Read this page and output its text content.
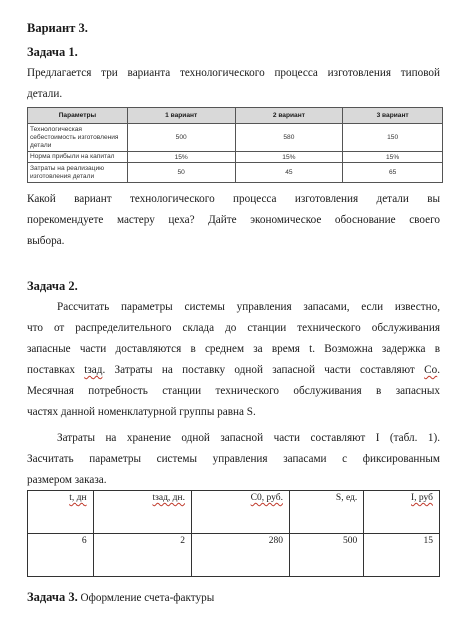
Вариант 3.
Задача 1.
Предлагается три варианта технологического процесса изготовления типовой
детали.
Параметры	1 вариант	2 вариант	3 вариант

Технологическая
себестоимость изготовления
детали	500	580	150
Норма прибыли на капитал	15%	15%	15%

Затраты на реализацию
изготовления детали	50	45	65
Какой вариант технологического процесса изготовления детали вы
порекомендуете мастеру цеха? Дайте экономическое обоснование своего
выбора.
Задача 2.
Рассчитать параметры системы управления запасами, если известно,
что от распределительного склада до станции технического обслуживания
запасные части доставляются в среднем за время t. Возможна задержка в
поставках tзад. Затраты на поставку одной запасной части составляют Со.
Месячная потребность станции технического обслуживания в запасных
частях данной номенклатурной группы равна S.
Затраты на хранение одной запасной части составляют I (табл. 1).
Засчитать параметры системы управления запасами с фиксированным
размером заказа.
t, дн	tзад, дн.	C0, руб.	S, ед.	I, руб
6	2	280	500	15
Задача 3. Оформление счета-фактуры
